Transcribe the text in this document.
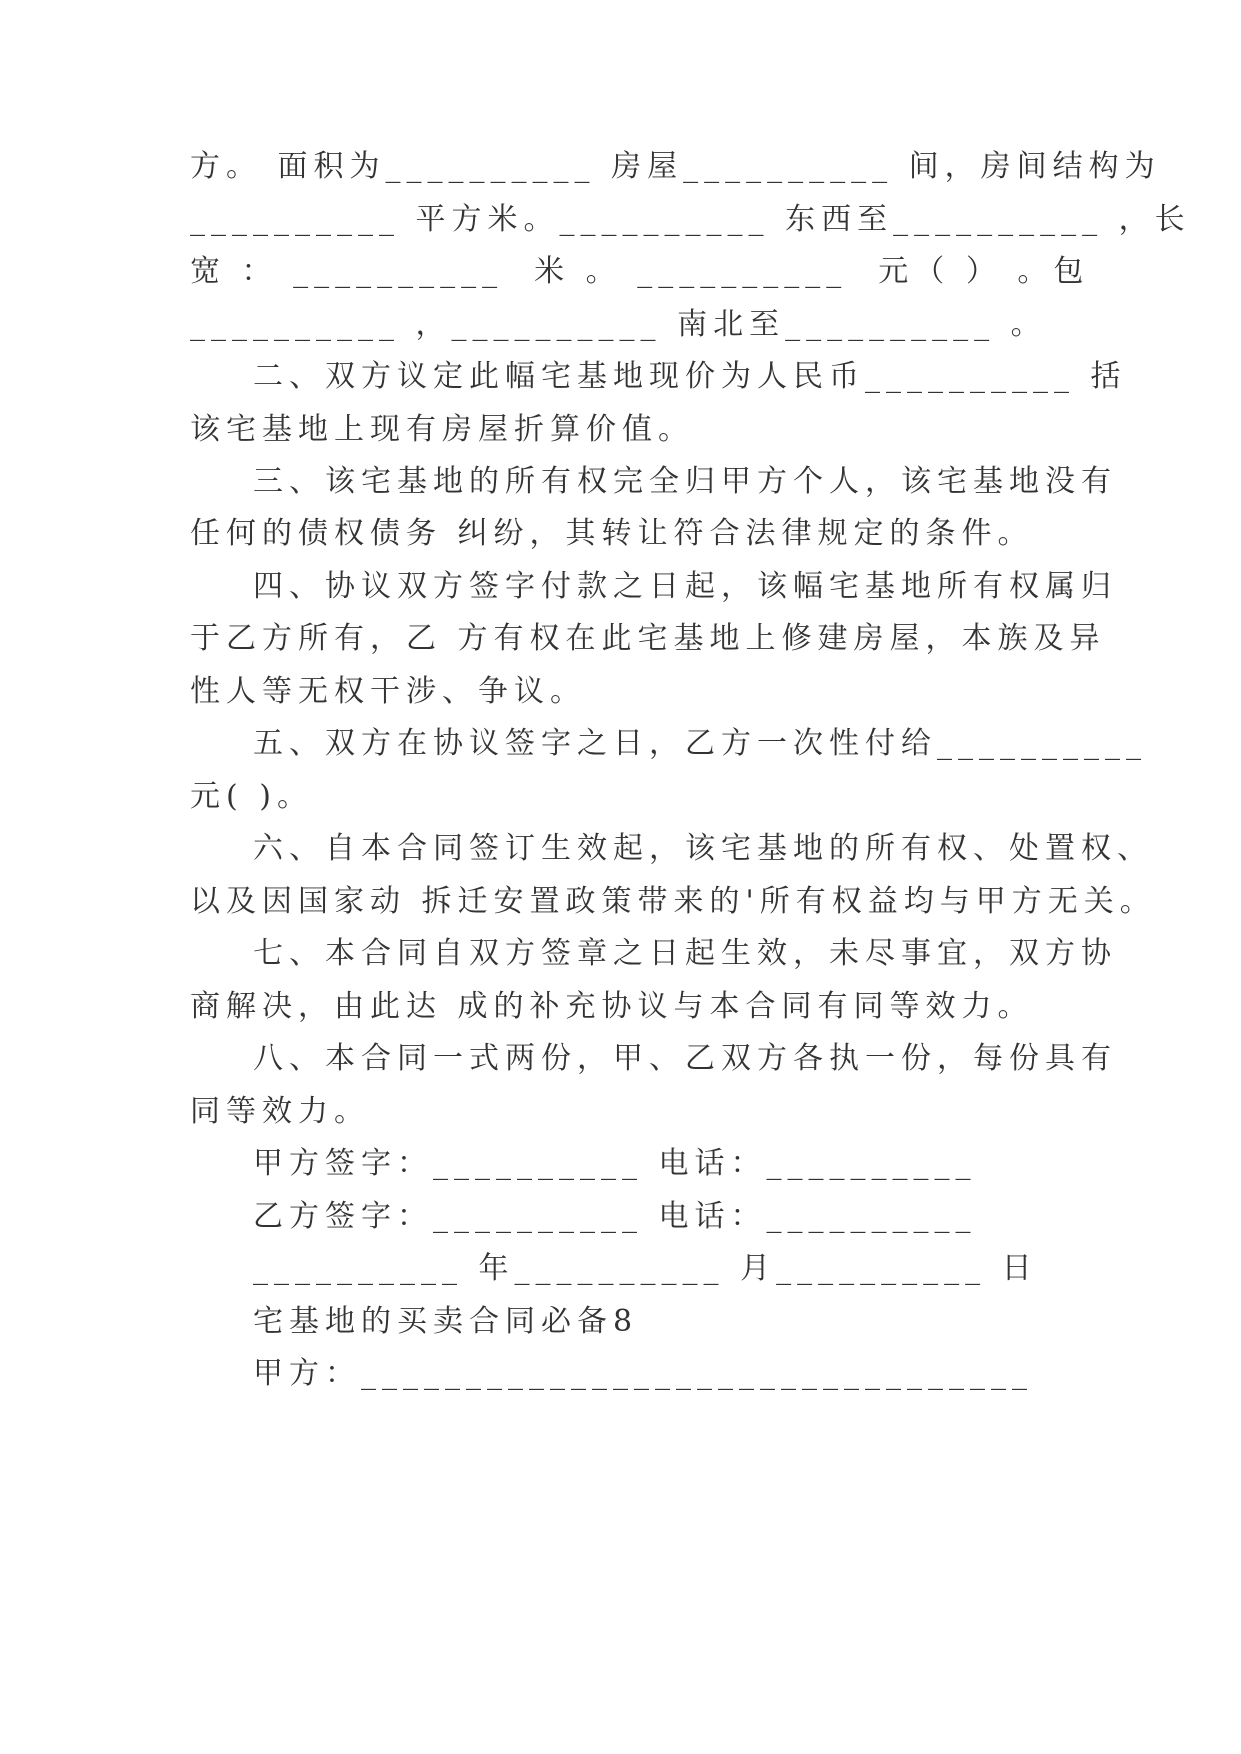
方。 面积为__________ 房屋__________ 间，房间结构为
__________ 平方米。__________ 东西至__________ ，长
宽 ： __________  米 。 __________  元（ ） 。包
__________ ，__________ 南北至__________ 。
二、双方议定此幅宅基地现价为人民币__________ 括
该宅基地上现有房屋折算价值。
三、该宅基地的所有权完全归甲方个人，该宅基地没有
任何的债权债务 纠纷，其转让符合法律规定的条件。
四、协议双方签字付款之日起，该幅宅基地所有权属归
于乙方所有，乙 方有权在此宅基地上修建房屋，本族及异
性人等无权干涉、争议。
五、双方在协议签字之日，乙方一次性付给__________
元( )。
六、自本合同签订生效起，该宅基地的所有权、处置权、
以及因国家动 拆迁安置政策带来的'所有权益均与甲方无关。
七、本合同自双方签章之日起生效，未尽事宜，双方协
商解决，由此达 成的补充协议与本合同有同等效力。
八、本合同一式两份，甲、乙双方各执一份，每份具有
同等效力。
甲方签字：__________ 电话：__________
乙方签字：__________ 电话：__________
__________ 年__________ 月__________ 日
宅基地的买卖合同必备8
甲方：________________________________
